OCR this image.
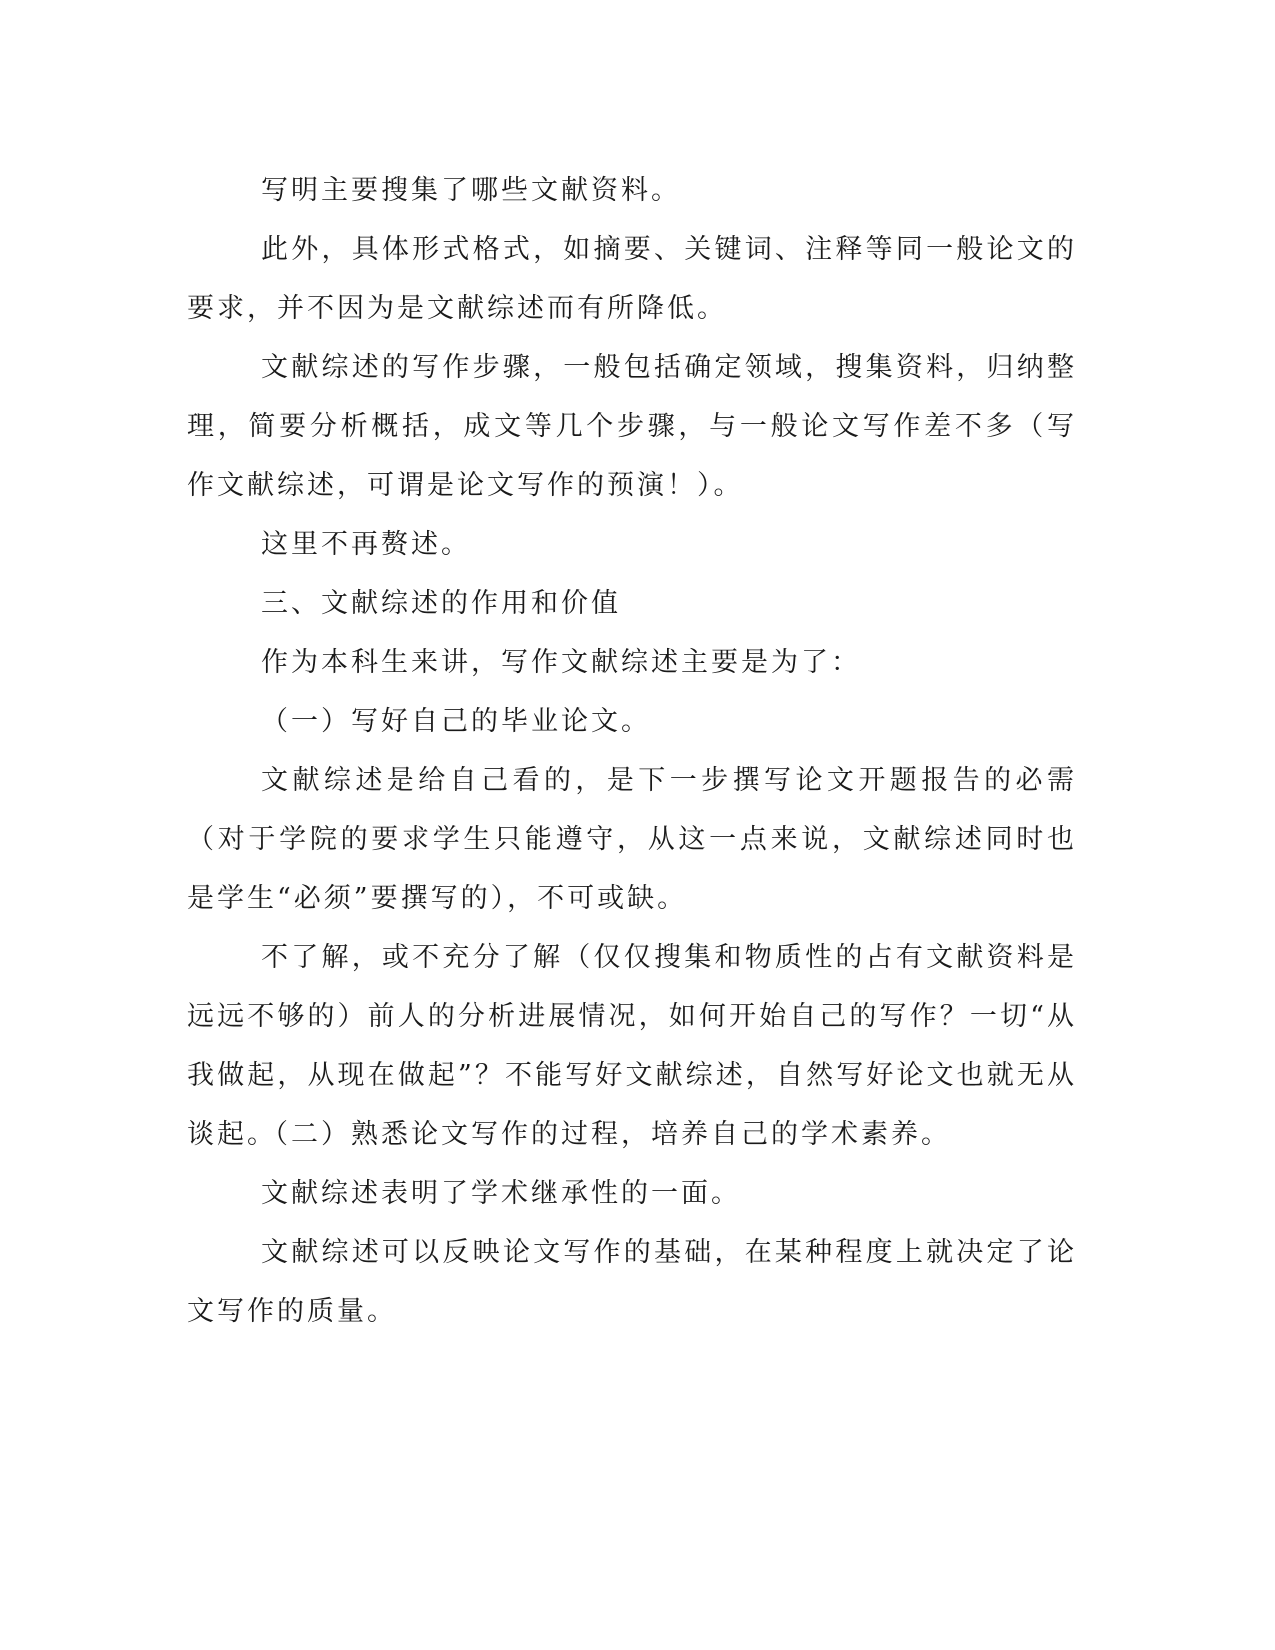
写明主要搜集了哪些文献资料。

此外，具体形式格式，如摘要、关键词、注释等同一般论文的要求，并不因为是文献综述而有所降低。

文献综述的写作步骤，一般包括确定领域，搜集资料，归纳整理，简要分析概括，成文等几个步骤，与一般论文写作差不多（写作文献综述，可谓是论文写作的预演！）。

这里不再赘述。

三、文献综述的作用和价值

作为本科生来讲，写作文献综述主要是为了：

（一）写好自己的毕业论文。

文献综述是给自己看的，是下一步撰写论文开题报告的必需（对于学院的要求学生只能遵守，从这一点来说，文献综述同时也是学生“必须”要撰写的），不可或缺。

不了解，或不充分了解（仅仅搜集和物质性的占有文献资料是远远不够的）前人的分析进展情况，如何开始自己的写作？一切“从我做起，从现在做起”？不能写好文献综述，自然写好论文也就无从谈起。

（二）熟悉论文写作的过程，培养自己的学术素养。

文献综述表明了学术继承性的一面。

文献综述可以反映论文写作的基础，在某种程度上就决定了论文写作的质量。
